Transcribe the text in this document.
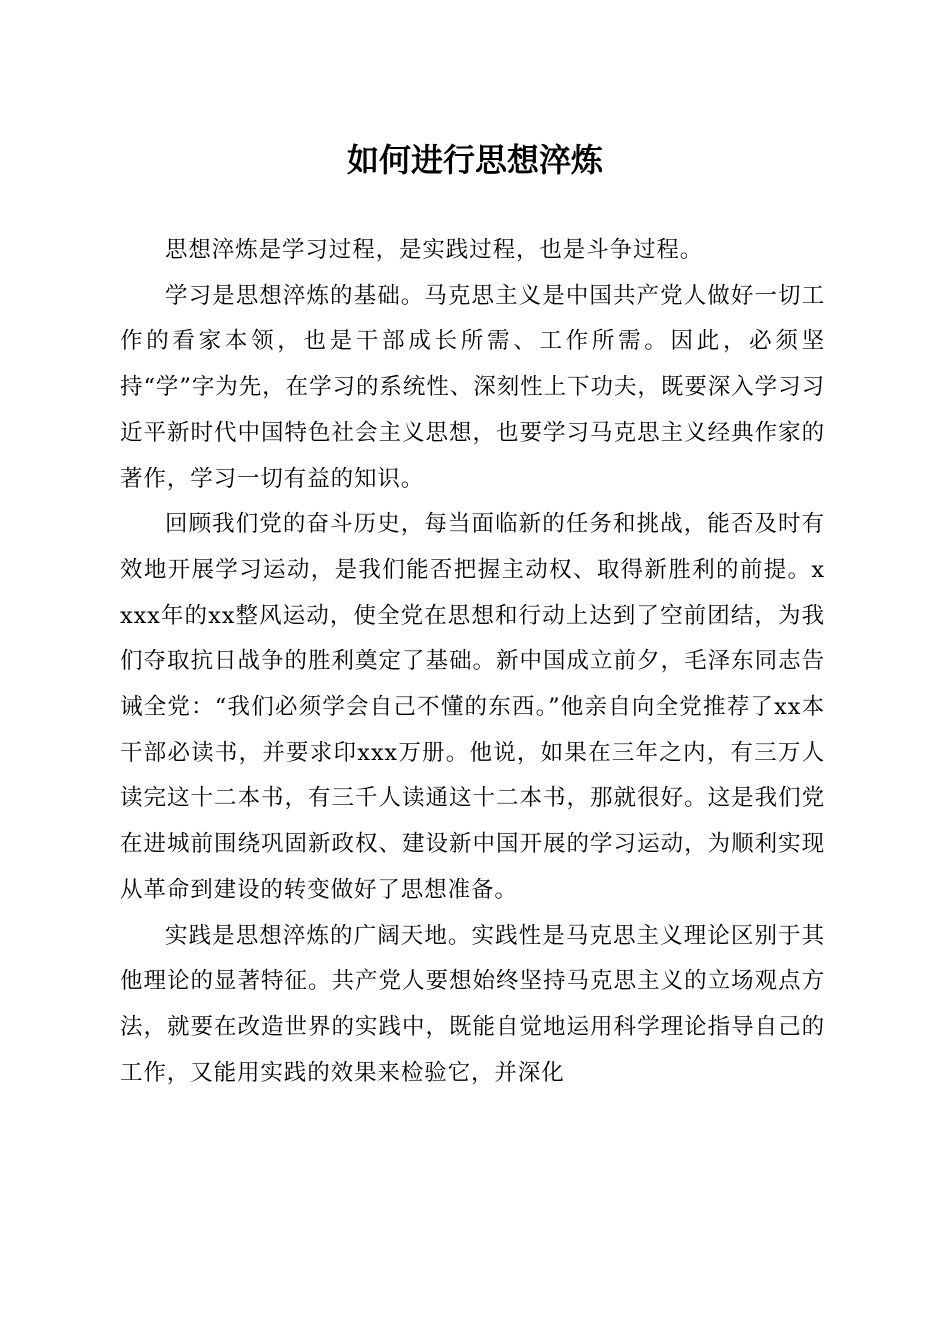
如何进行思想淬炼

思想淬炼是学习过程，是实践过程，也是斗争过程。

学习是思想淬炼的基础。马克思主义是中国共产党人做好一切工作的看家本领，也是干部成长所需、工作所需。因此，必须坚持“学”字为先，在学习的系统性、深刻性上下功夫，既要深入学习习近平新时代中国特色社会主义思想，也要学习马克思主义经典作家的著作，学习一切有益的知识。

回顾我们党的奋斗历史，每当面临新的任务和挑战，能否及时有效地开展学习运动，是我们能否把握主动权、取得新胜利的前提。xxxx年的xx整风运动，使全党在思想和行动上达到了空前团结，为我们夺取抗日战争的胜利奠定了基础。新中国成立前夕，毛泽东同志告诫全党：“我们必须学会自己不懂的东西。”他亲自向全党推荐了xx本干部必读书，并要求印xxx万册。他说，如果在三年之内，有三万人读完这十二本书，有三千人读通这十二本书，那就很好。这是我们党在进城前围绕巩固新政权、建设新中国开展的学习运动，为顺利实现从革命到建设的转变做好了思想准备。

实践是思想淬炼的广阔天地。实践性是马克思主义理论区别于其他理论的显著特征。共产党人要想始终坚持马克思主义的立场观点方法，就要在改造世界的实践中，既能自觉地运用科学理论指导自己的工作，又能用实践的效果来检验它，并深化
